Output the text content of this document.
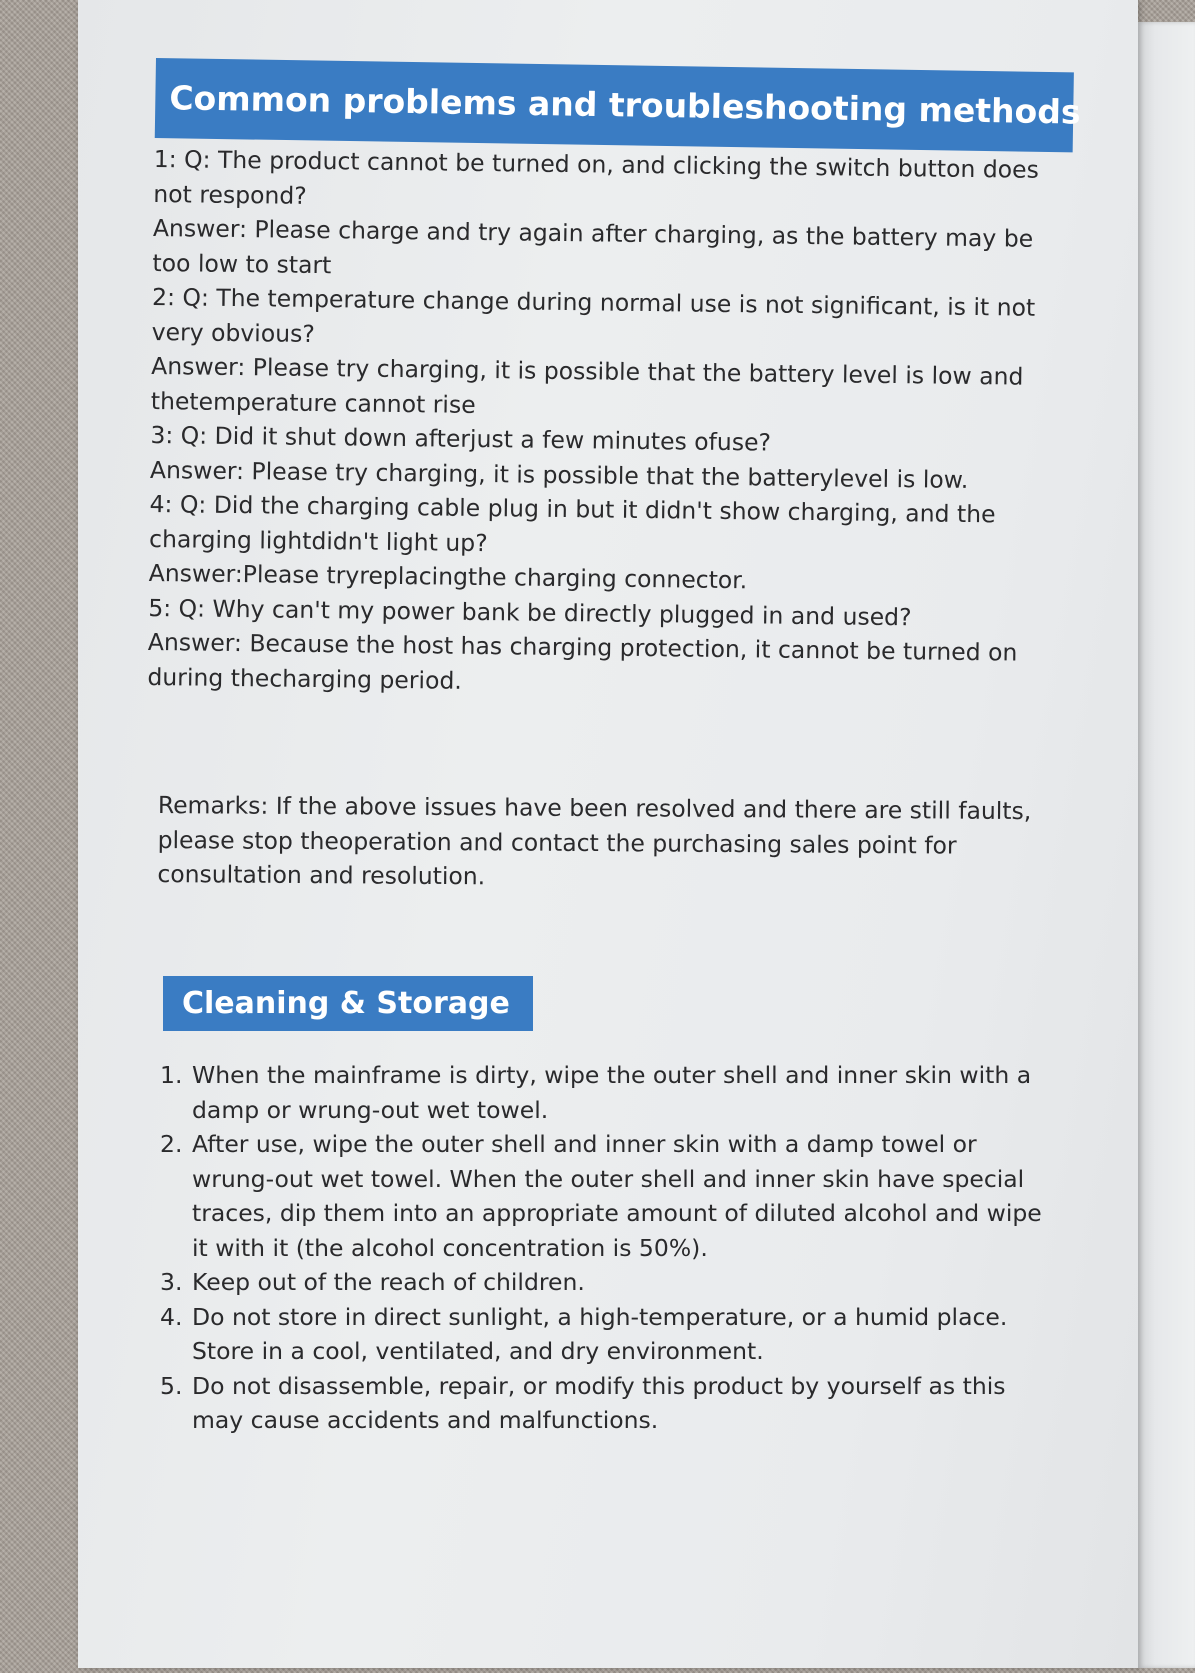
Common problems and troubleshooting methods
1: Q: The product cannot be turned on, and clicking the switch button does
not respond?
Answer: Please charge and try again after charging, as the battery may be
too low to start
2: Q: The temperature change during normal use is not significant, is it not
very obvious?
Answer: Please try charging, it is possible that the battery level is low and
thetemperature cannot rise
3: Q: Did it shut down afterjust a few minutes ofuse?
Answer: Please try charging, it is possible that the batterylevel is low.
4: Q: Did the charging cable plug in but it didn't show charging, and the
charging lightdidn't light up?
Answer:Please tryreplacingthe charging connector.
5: Q: Why can't my power bank be directly plugged in and used?
Answer: Because the host has charging protection, it cannot be turned on
during thecharging period.
Remarks: If the above issues have been resolved and there are still faults,
please stop theoperation and contact the purchasing sales point for
consultation and resolution.
Cleaning & Storage
1. When the mainframe is dirty, wipe the outer shell and inner skin with a damp or wrung-out wet towel.
2. After use, wipe the outer shell and inner skin with a damp towel or wrung-out wet towel. When the outer shell and inner skin have special traces, dip them into an appropriate amount of diluted alcohol and wipe it with it (the alcohol concentration is 50%).
3. Keep out of the reach of children.
4. Do not store in direct sunlight, a high-temperature, or a humid place. Store in a cool, ventilated, and dry environment.
5. Do not disassemble, repair, or modify this product by yourself as this may cause accidents and malfunctions.
